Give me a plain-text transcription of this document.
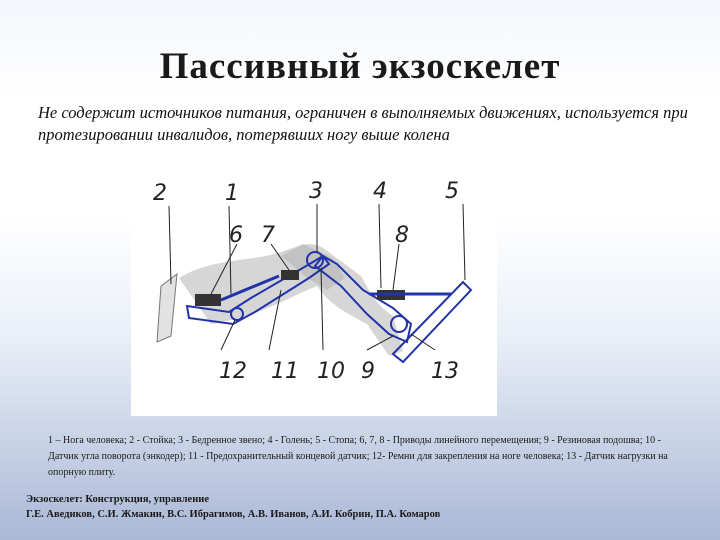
Пассивный экзоскелет
Не содержит источников питания, ограничен в выполняемых движениях, используется при протезировании инвалидов, потерявших ногу выше колена
2	1	3 4	5
6 7	8
12 11 10 9	13
1 – Нога человека; 2 - Стойка; 3 - Бедренное звено; 4 - Голень; 5 - Стопа; 6, 7, 8 - Приводы линейного перемещения; 9 - Резиновая подошва; 10 - Датчик угла поворота (энкодер); 11 - Предохранительный концевой датчик; 12- Ремни для закрепления на ноге человека; 13 - Датчик нагрузки на опорную плиту.
Экзоскелет: Конструкция, управление
Г.Е. Аведиков, С.И. Жмакин, В.С. Ибрагимов, А.В. Иванов, А.И. Кобрин, П.А. Комаров
